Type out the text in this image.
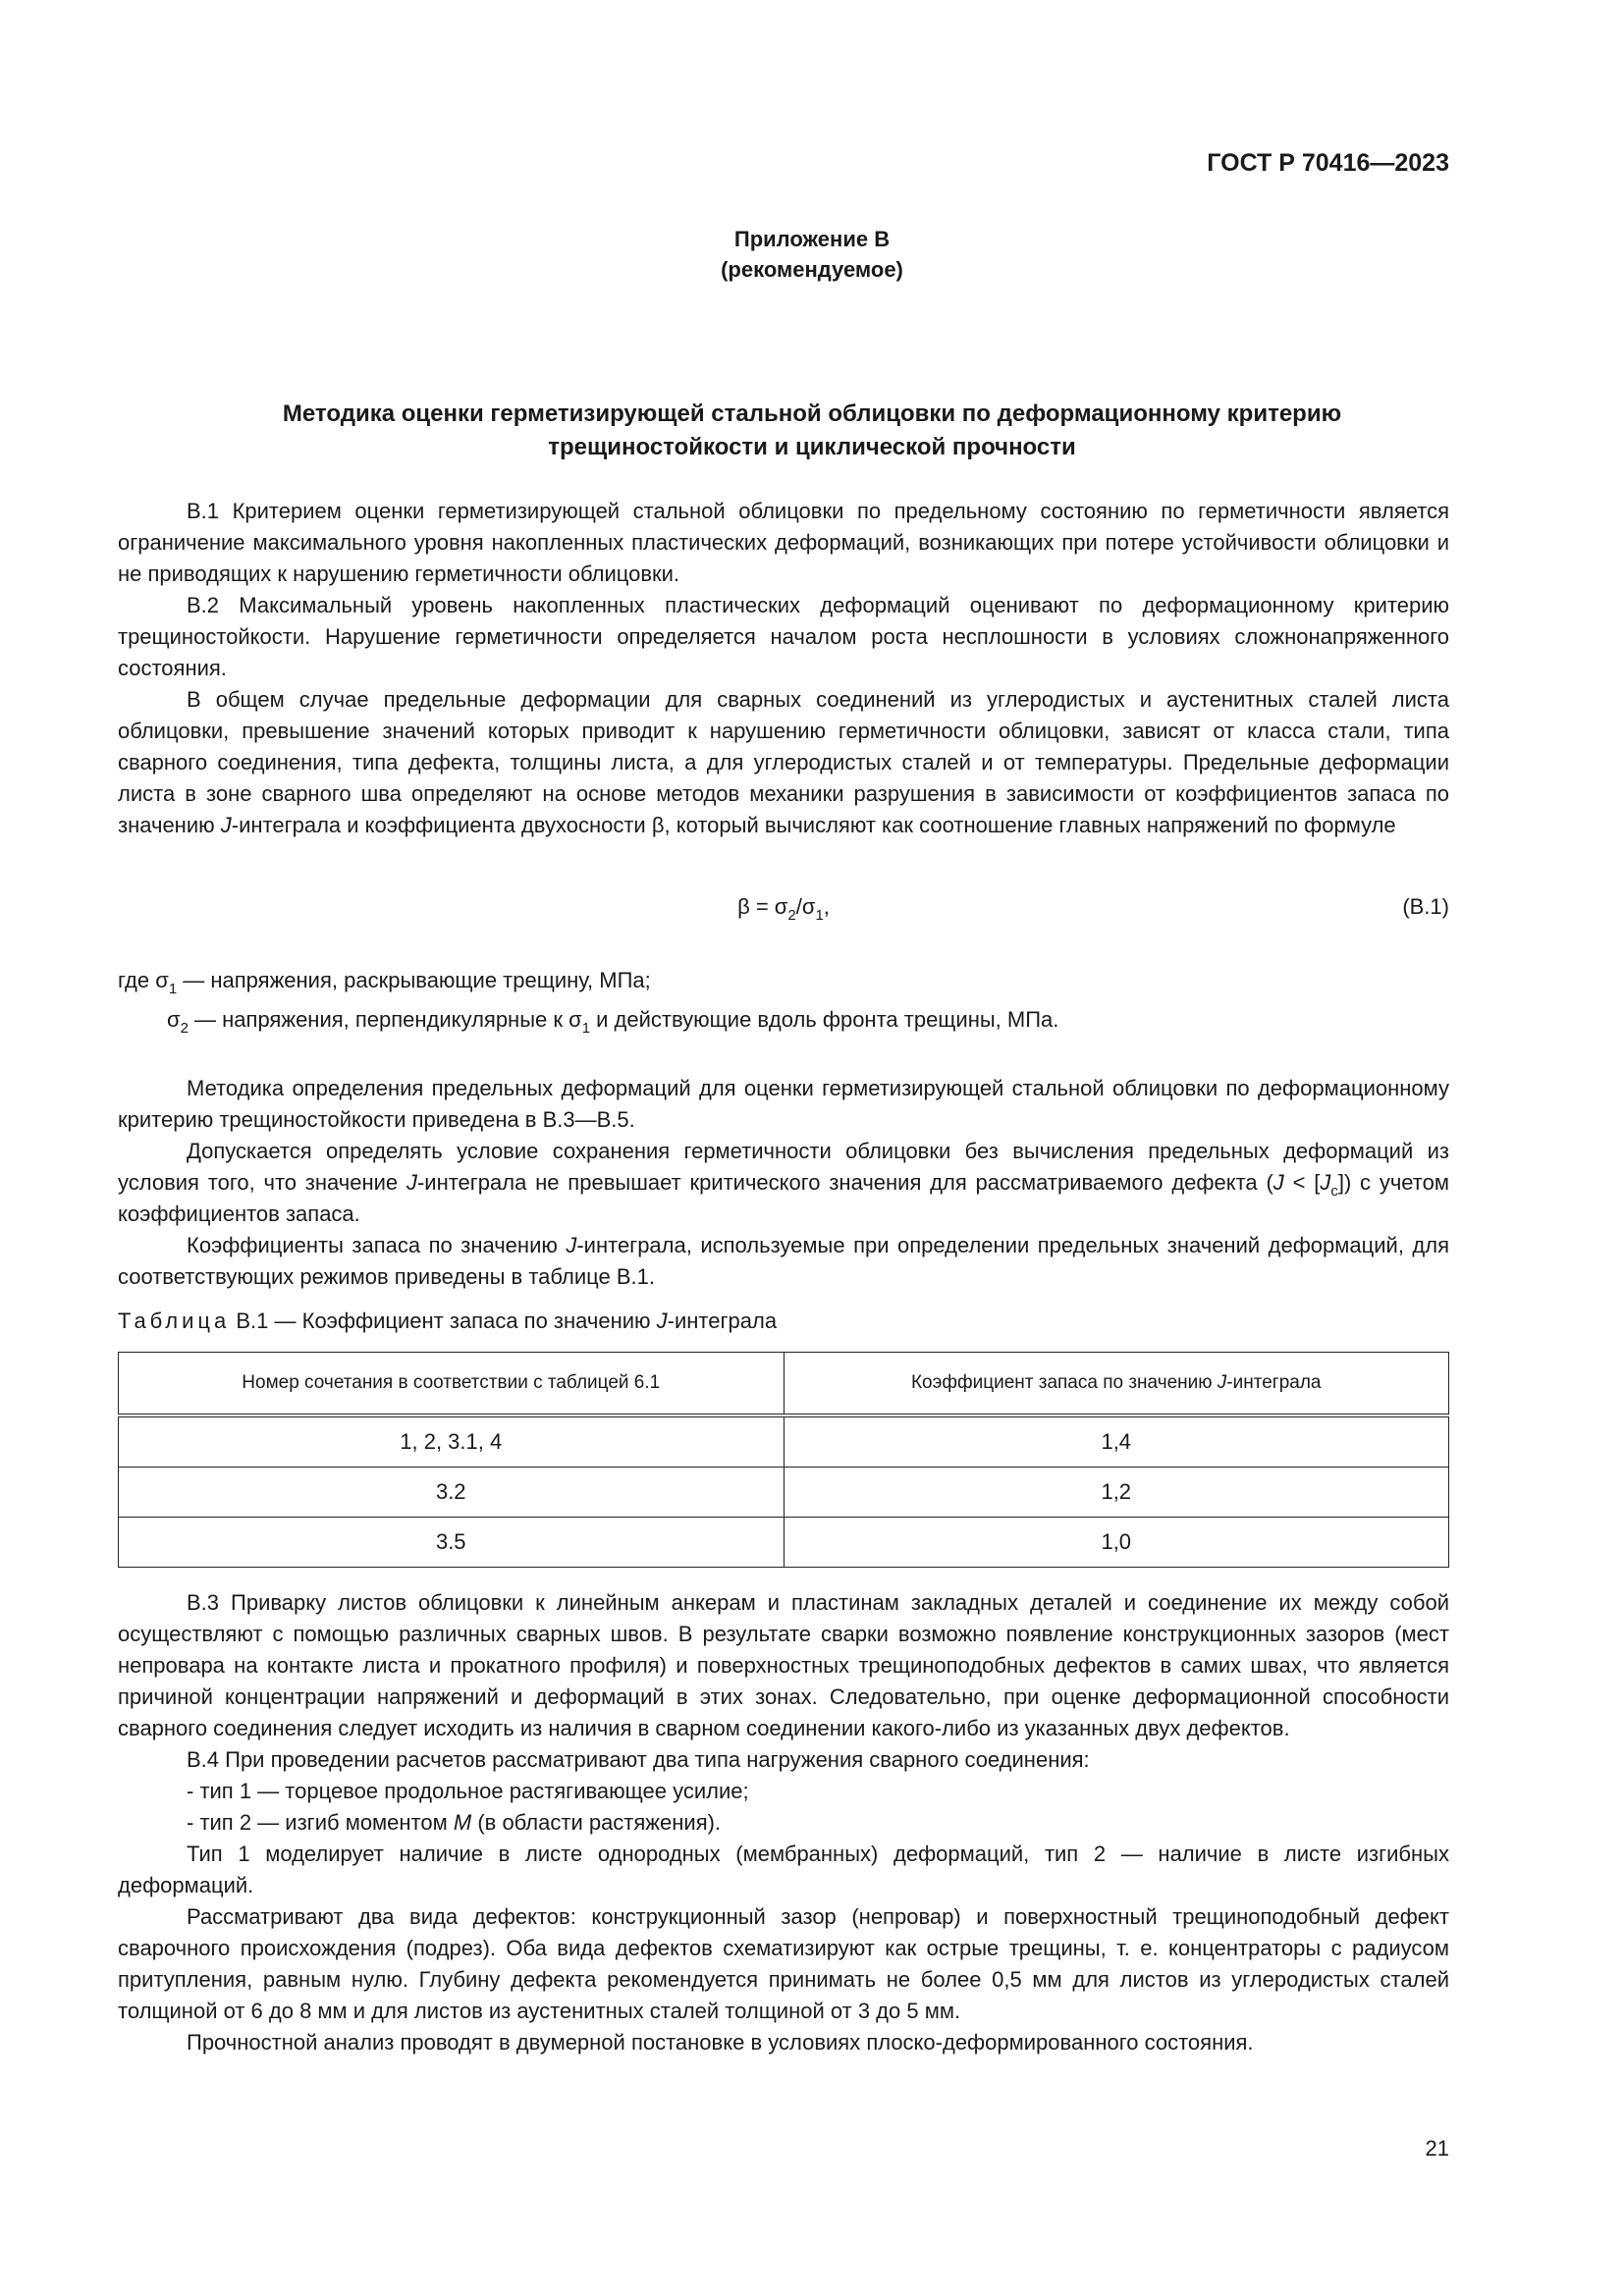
ГОСТ Р 70416—2023
Приложение В
(рекомендуемое)
Методика оценки герметизирующей стальной облицовки по деформационному критерию
трещиностойкости и циклической прочности

В.1 Критерием оценки герметизирующей стальной облицовки по предельному состоянию по герметичности является ограничение максимального уровня накопленных пластических деформаций, возникающих при потере устойчивости облицовки и не приводящих к нарушению герметичности облицовки.

В.2 Максимальный уровень накопленных пластических деформаций оценивают по деформационному критерию трещиностойкости. Нарушение герметичности определяется началом роста несплошности в условиях сложнонапряженного состояния.

В общем случае предельные деформации для сварных соединений из углеродистых и аустенитных сталей листа облицовки, превышение значений которых приводит к нарушению герметичности облицовки, зависят от класса стали, типа сварного соединения, типа дефекта, толщины листа, а для углеродистых сталей и от температуры. Предельные деформации листа в зоне сварного шва определяют на основе методов механики разрушения в зависимости от коэффициентов запаса по значению J-интеграла и коэффициента двухосности β, который вычисляют как соотношение главных напряжений по формуле

$\beta = \sigma_2/\sigma_1$,	(В.1)
где $\sigma_1$ — напряжения, раскрывающие трещину, МПа;
$\sigma_2$ — напряжения, перпендикулярные к $\sigma_1$ и действующие вдоль фронта трещины, МПа.

Методика определения предельных деформаций для оценки герметизирующей стальной облицовки по деформационному критерию трещиностойкости приведена в В.3—В.5.

Допускается определять условие сохранения герметичности облицовки без вычисления предельных деформаций из условия того, что значение J-интеграла не превышает критического значения для рассматриваемого дефекта $(J < [J_c])$ с учетом коэффициентов запаса.

Коэффициенты запаса по значению J-интеграла, используемые при определении предельных значений деформаций, для соответствующих режимов приведены в таблице В.1.

Таблица В.1 — Коэффициент запаса по значению J-интеграла
Номер сочетания в соответствии с таблицей 6.1	Коэффициент запаса по значению J-интеграла
1, 2, 3.1, 4	1,4
3.2	1,2
3.5	1,0

В.3 Приварку листов облицовки к линейным анкерам и пластинам закладных деталей и соединение их между собой осуществляют с помощью различных сварных швов. В результате сварки возможно появление конструкционных зазоров (мест непровара на контакте листа и прокатного профиля) и поверхностных трещиноподобных дефектов в самих швах, что является причиной концентрации напряжений и деформаций в этих зонах. Следовательно, при оценке деформационной способности сварного соединения следует исходить из наличия в сварном соединении какого-либо из указанных двух дефектов.

В.4 При проведении расчетов рассматривают два типа нагружения сварного соединения:

- тип 1 — торцевое продольное растягивающее усилие;

- тип 2 — изгиб моментом M (в области растяжения).

Тип 1 моделирует наличие в листе однородных (мембранных) деформаций, тип 2 — наличие в листе изгибных деформаций.

Рассматривают два вида дефектов: конструкционный зазор (непровар) и поверхностный трещиноподобный дефект сварочного происхождения (подрез). Оба вида дефектов схематизируют как острые трещины, т. е. концентраторы с радиусом притупления, равным нулю. Глубину дефекта рекомендуется принимать не более 0,5 мм для листов из углеродистых сталей толщиной от 6 до 8 мм и для листов из аустенитных сталей толщиной от 3 до 5 мм.

Прочностной анализ проводят в двумерной постановке в условиях плоско-деформированного состояния.

21
